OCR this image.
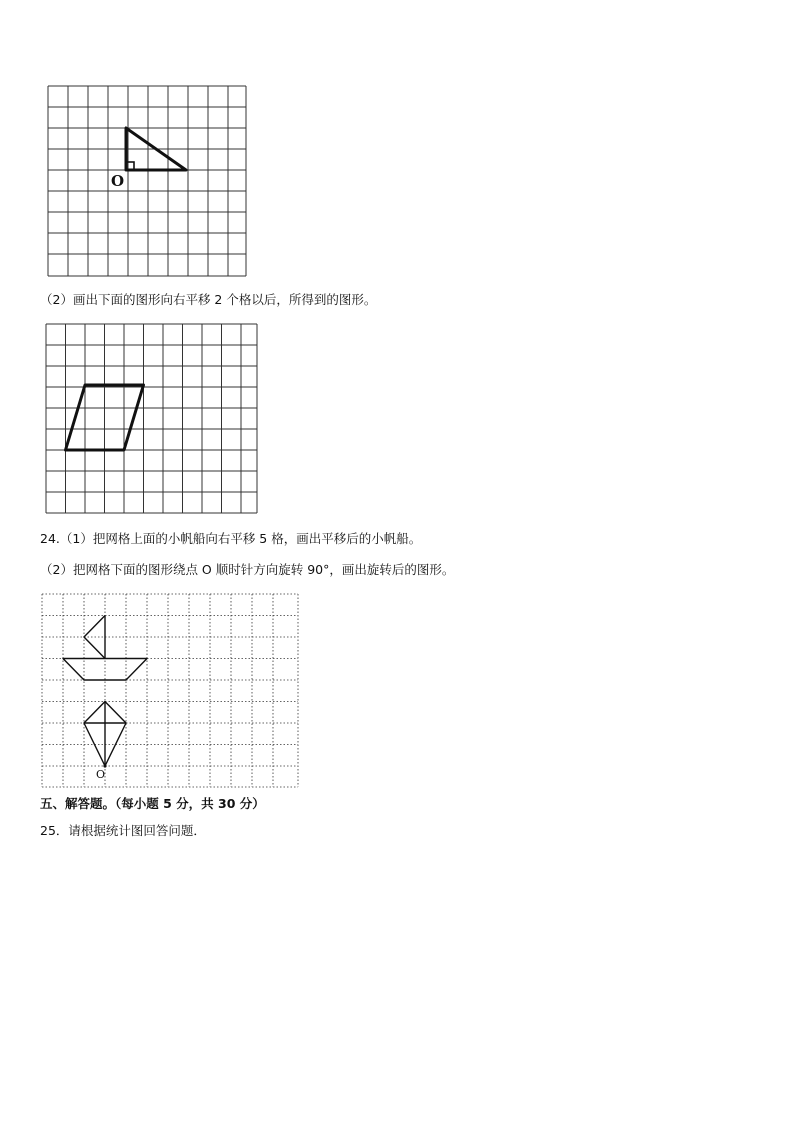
O
（2）画出下面的图形向右平移 2 个格以后，所得到的图形。
24.（1）把网格上面的小帆船向右平移 5 格，画出平移后的小帆船。
（2）把网格下面的图形绕点 O 顺时针方向旋转 90°，画出旋转后的图形。
O
五、解答题。（每小题 5 分，共 30 分）
25．请根据统计图回答问题．
